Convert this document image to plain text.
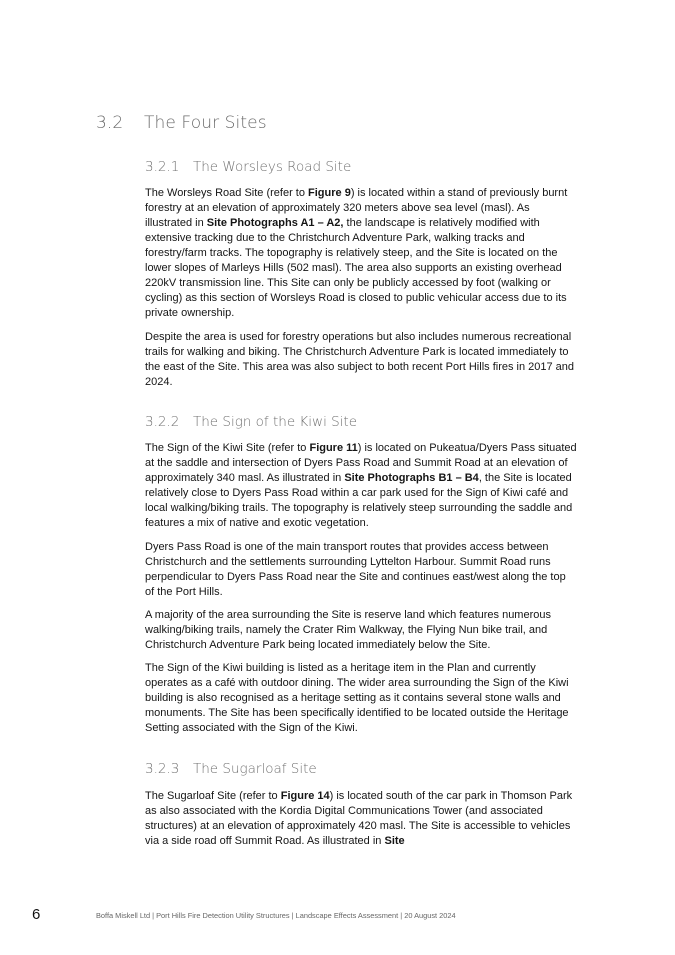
3.2 The Four Sites
3.2.1 The Worsleys Road Site

The Worsleys Road Site (refer to Figure 9) is located within a stand of previously burnt forestry at an elevation of approximately 320 meters above sea level (masl). As illustrated in Site Photographs A1 – A2, the landscape is relatively modified with extensive tracking due to the Christchurch Adventure Park, walking tracks and forestry/farm tracks. The topography is relatively steep, and the Site is located on the lower slopes of Marleys Hills (502 masl). The area also supports an existing overhead 220kV transmission line. This Site can only be publicly accessed by foot (walking or cycling) as this section of Worsleys Road is closed to public vehicular access due to its private ownership.

Despite the area is used for forestry operations but also includes numerous recreational trails for walking and biking. The Christchurch Adventure Park is located immediately to the east of the Site. This area was also subject to both recent Port Hills fires in 2017 and 2024.

3.2.2 The Sign of the Kiwi Site

The Sign of the Kiwi Site (refer to Figure 11) is located on Pukeatua/Dyers Pass situated at the saddle and intersection of Dyers Pass Road and Summit Road at an elevation of approximately 340 masl. As illustrated in Site Photographs B1 – B4, the Site is located relatively close to Dyers Pass Road within a car park used for the Sign of Kiwi café and local walking/biking trails. The topography is relatively steep surrounding the saddle and features a mix of native and exotic vegetation.

Dyers Pass Road is one of the main transport routes that provides access between Christchurch and the settlements surrounding Lyttelton Harbour. Summit Road runs perpendicular to Dyers Pass Road near the Site and continues east/west along the top of the Port Hills.

A majority of the area surrounding the Site is reserve land which features numerous walking/biking trails, namely the Crater Rim Walkway, the Flying Nun bike trail, and Christchurch Adventure Park being located immediately below the Site.

The Sign of the Kiwi building is listed as a heritage item in the Plan and currently operates as a café with outdoor dining. The wider area surrounding the Sign of the Kiwi building is also recognised as a heritage setting as it contains several stone walls and monuments. The Site has been specifically identified to be located outside the Heritage Setting associated with the Sign of the Kiwi.

3.2.3 The Sugarloaf Site

The Sugarloaf Site (refer to Figure 14) is located south of the car park in Thomson Park as also associated with the Kordia Digital Communications Tower (and associated structures) at an elevation of approximately 420 masl. The Site is accessible to vehicles via a side road off Summit Road. As illustrated in Site

6	Boffa Miskell Ltd | Port Hills Fire Detection Utility Structures | Landscape Effects Assessment | 20 August 2024
